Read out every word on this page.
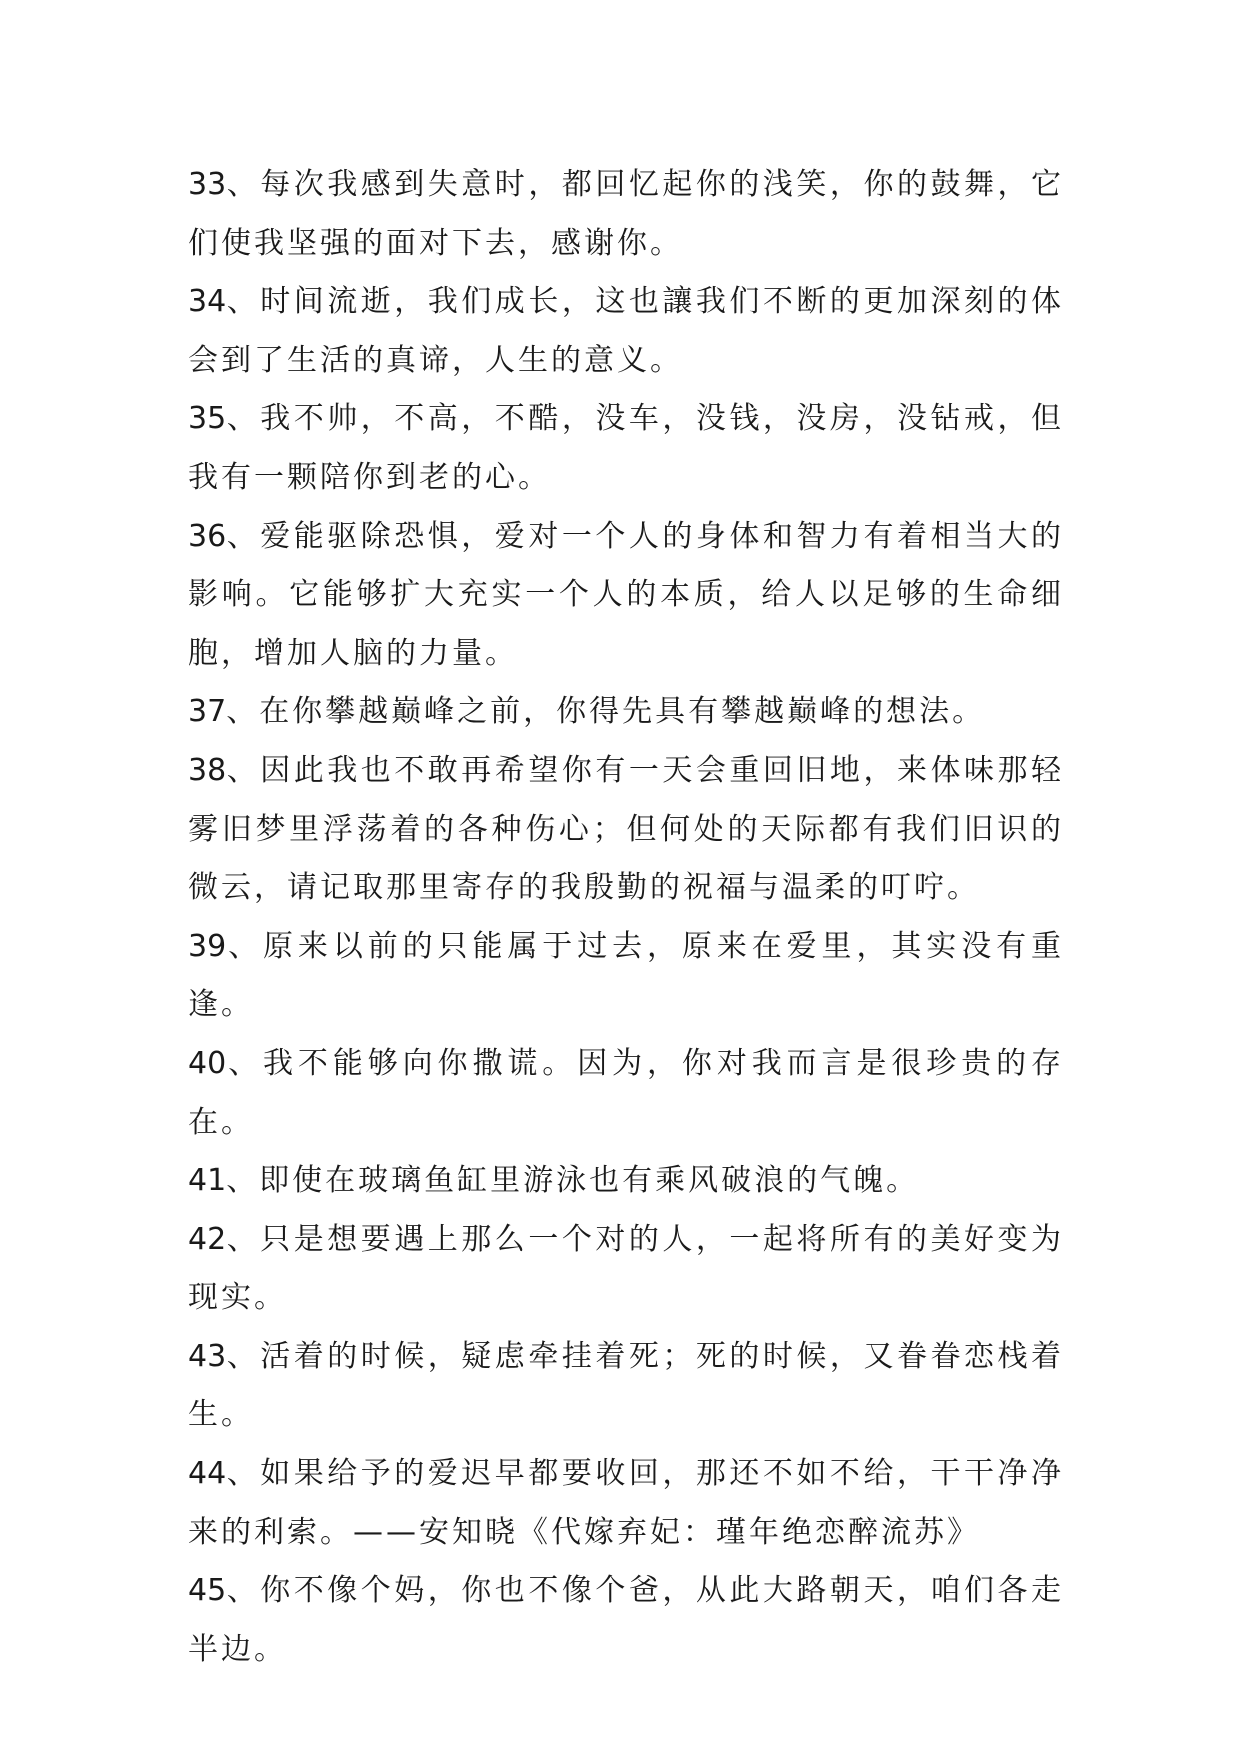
33、每次我感到失意时，都回忆起你的浅笑，你的鼓舞，它们使我坚强的面对下去，感谢你。

34、时间流逝，我们成长，这也讓我们不断的更加深刻的体会到了生活的真谛，人生的意义。

35、我不帅，不高，不酷，没车，没钱，没房，没钻戒，但我有一颗陪你到老的心。

36、爱能驱除恐惧，爱对一个人的身体和智力有着相当大的影响。它能够扩大充实一个人的本质，给人以足够的生命细胞，增加人脑的力量。

37、在你攀越巅峰之前，你得先具有攀越巅峰的想法。

38、因此我也不敢再希望你有一天会重回旧地，来体味那轻雾旧梦里浮荡着的各种伤心；但何处的天际都有我们旧识的微云，请记取那里寄存的我殷勤的祝福与温柔的叮咛。

39、原来以前的只能属于过去，原来在爱里，其实没有重逢。

40、我不能够向你撒谎。因为，你对我而言是很珍贵的存在。

41、即使在玻璃鱼缸里游泳也有乘风破浪的气魄。

42、只是想要遇上那么一个对的人，一起将所有的美好变为现实。

43、活着的时候，疑虑牵挂着死；死的时候，又眷眷恋栈着生。

44、如果给予的爱迟早都要收回，那还不如不给，干干净净来的利索。——安知晓《代嫁弃妃：瑾年绝恋醉流苏》

45、你不像个妈，你也不像个爸，从此大路朝天，咱们各走半边。
